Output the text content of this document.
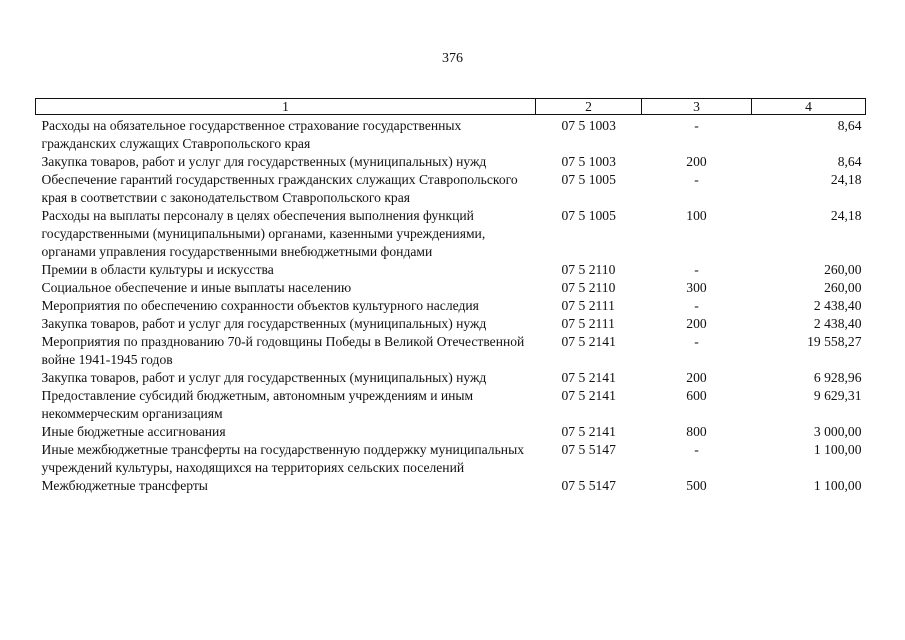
376
1	2	3	4
Расходы на обязательное государственное страхование государственных гражданских служащих Ставропольского края	07 5 1003	-	8,64
Закупка товаров, работ и услуг для государственных (муниципальных) нужд	07 5 1003	200	8,64
Обеспечение гарантий государственных гражданских служащих Ставропольского края в соответствии с законодательством Ставропольского края	07 5 1005	-	24,18
Расходы на выплаты персоналу в целях обеспечения выполнения функций государственными (муниципальными) органами, казенными учреждениями, органами управления государственными внебюджетными фондами	07 5 1005	100	24,18
Премии в области культуры и искусства	07 5 2110	-	260,00
Социальное обеспечение и иные выплаты населению	07 5 2110	300	260,00
Мероприятия по обеспечению сохранности объектов культурного наследия	07 5 2111	-	2 438,40
Закупка товаров, работ и услуг для государственных (муниципальных) нужд	07 5 2111	200	2 438,40
Мероприятия по празднованию 70-й годовщины Победы в Великой Отечественной войне 1941-1945 годов	07 5 2141	-	19 558,27
Закупка товаров, работ и услуг для государственных (муниципальных) нужд	07 5 2141	200	6 928,96
Предоставление субсидий бюджетным, автономным учреждениям и иным некоммерческим организациям	07 5 2141	600	9 629,31
Иные бюджетные ассигнования	07 5 2141	800	3 000,00
Иные межбюджетные трансферты на государственную поддержку муниципальных учреждений культуры, находящихся на территориях сельских поселений	07 5 5147	-	1 100,00
Межбюджетные трансферты	07 5 5147	500	1 100,00
